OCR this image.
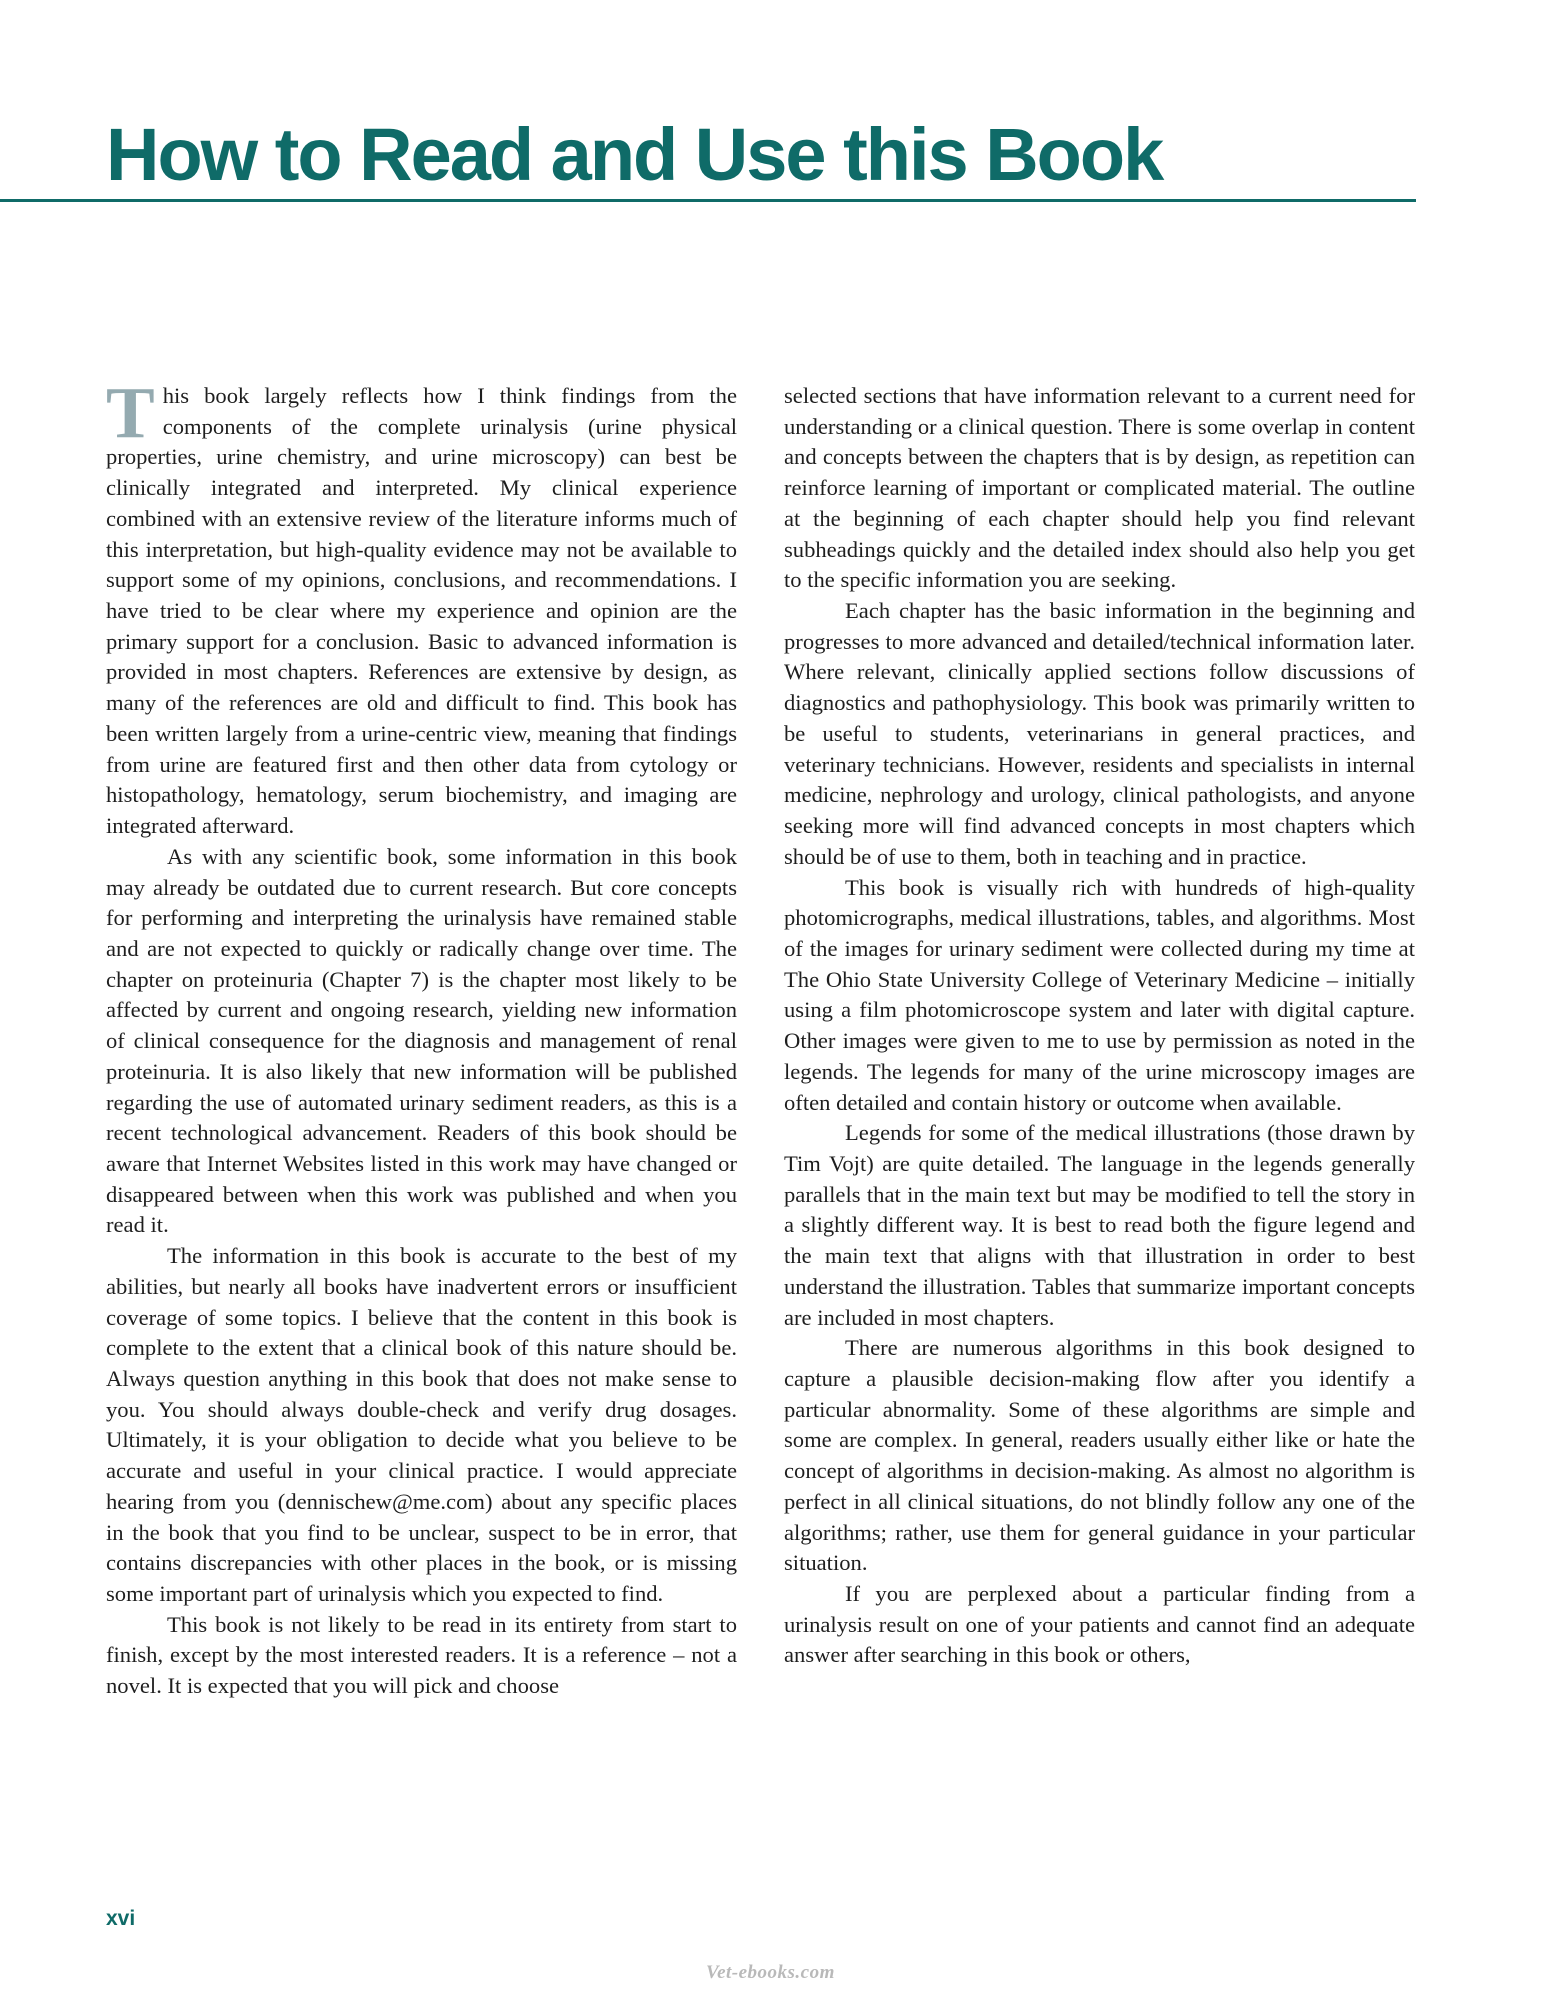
How to Read and Use this Book

This book largely reflects how I think findings from the components of the complete urinalysis (urine physical properties, urine chemistry, and urine microscopy) can best be clinically integrated and interpreted. My clinical experience combined with an extensive review of the literature informs much of this interpretation, but high-quality evidence may not be available to support some of my opinions, conclusions, and recommendations. I have tried to be clear where my experience and opinion are the primary support for a conclusion. Basic to advanced information is provided in most chapters. References are extensive by design, as many of the references are old and difficult to find. This book has been written largely from a urine-centric view, meaning that findings from urine are featured first and then other data from cytology or histopathology, hematology, serum biochemistry, and imaging are integrated afterward.

As with any scientific book, some information in this book may already be outdated due to current research. But core concepts for performing and interpreting the urinalysis have remained stable and are not expected to quickly or radically change over time. The chapter on proteinuria (Chapter 7) is the chapter most likely to be affected by current and ongoing research, yielding new information of clinical consequence for the diagnosis and management of renal proteinuria. It is also likely that new information will be published regarding the use of automated urinary sediment readers, as this is a recent technological advancement. Readers of this book should be aware that Internet Websites listed in this work may have changed or disappeared between when this work was published and when you read it.

The information in this book is accurate to the best of my abilities, but nearly all books have inadvertent errors or insufficient coverage of some topics. I believe that the content in this book is complete to the extent that a clinical book of this nature should be. Always question anything in this book that does not make sense to you. You should always double-check and verify drug dosages. Ultimately, it is your obligation to decide what you believe to be accurate and useful in your clinical practice. I would appreciate hearing from you (dennischew@me.com) about any specific places in the book that you find to be unclear, suspect to be in error, that contains discrepancies with other places in the book, or is missing some important part of urinalysis which you expected to find.

This book is not likely to be read in its entirety from start to finish, except by the most interested readers. It is a reference – not a novel. It is expected that you will pick and choose

selected sections that have information relevant to a current need for understanding or a clinical question. There is some overlap in content and concepts between the chapters that is by design, as repetition can reinforce learning of important or complicated material. The outline at the beginning of each chapter should help you find relevant subheadings quickly and the detailed index should also help you get to the specific information you are seeking.

Each chapter has the basic information in the beginning and progresses to more advanced and detailed/technical information later. Where relevant, clinically applied sections follow discussions of diagnostics and pathophysiology. This book was primarily written to be useful to students, veterinarians in general practices, and veterinary technicians. However, residents and specialists in internal medicine, nephrology and urology, clinical pathologists, and anyone seeking more will find advanced concepts in most chapters which should be of use to them, both in teaching and in practice.

This book is visually rich with hundreds of high-quality photomicrographs, medical illustrations, tables, and algorithms. Most of the images for urinary sediment were collected during my time at The Ohio State University College of Veterinary Medicine – initially using a film photomicroscope system and later with digital capture. Other images were given to me to use by permission as noted in the legends. The legends for many of the urine microscopy images are often detailed and contain history or outcome when available.

Legends for some of the medical illustrations (those drawn by Tim Vojt) are quite detailed. The language in the legends generally parallels that in the main text but may be modified to tell the story in a slightly different way. It is best to read both the figure legend and the main text that aligns with that illustration in order to best understand the illustration. Tables that summarize important concepts are included in most chapters.

There are numerous algorithms in this book designed to capture a plausible decision-making flow after you identify a particular abnormality. Some of these algorithms are simple and some are complex. In general, readers usually either like or hate the concept of algorithms in decision-making. As almost no algorithm is perfect in all clinical situations, do not blindly follow any one of the algorithms; rather, use them for general guidance in your particular situation.

If you are perplexed about a particular finding from a urinalysis result on one of your patients and cannot find an adequate answer after searching in this book or others,

xvi
Vet-ebooks.com
